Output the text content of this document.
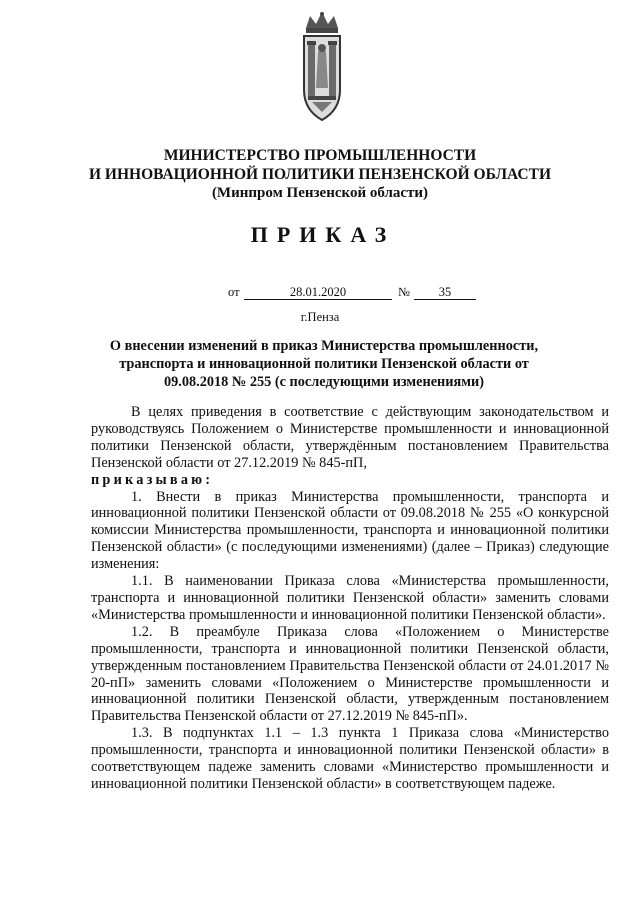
МИНИСТЕРСТВО ПРОМЫШЛЕННОСТИ
И ИННОВАЦИОННОЙ ПОЛИТИКИ ПЕНЗЕНСКОЙ ОБЛАСТИ
(Минпром Пензенской области)
ПРИКАЗ
от	28.01.2020	№	35
г.Пенза
О внесении изменений в приказ Министерства промышленности, транспорта и инновационной политики Пензенской области от 09.08.2018 № 255 (с последующими изменениями)

В целях приведения в соответствие с действующим законодательством и руководствуясь Положением о Министерстве промышленности и инновационной политики Пензенской области, утверждённым постановлением Правительства Пензенской области от 27.12.2019 № 845-пП,

приказываю:

1. Внести в приказ Министерства промышленности, транспорта и инновационной политики Пензенской области от 09.08.2018 № 255 «О конкурсной комиссии Министерства промышленности, транспорта и инновационной политики Пензенской области» (с последующими изменениями) (далее – Приказ) следующие изменения:

1.1. В наименовании Приказа слова «Министерства промышленности, транспорта и инновационной политики Пензенской области» заменить словами «Министерства промышленности и инновационной политики Пензенской области».

1.2. В преамбуле Приказа слова «Положением о Министерстве промышленности, транспорта и инновационной политики Пензенской области, утвержденным постановлением Правительства Пензенской области от 24.01.2017 № 20-пП» заменить словами «Положением о Министерстве промышленности и инновационной политики Пензенской области, утвержденным постановлением Правительства Пензенской области от 27.12.2019 № 845-пП».

1.3. В подпунктах 1.1 – 1.3 пункта 1 Приказа слова «Министерство промышленности, транспорта и инновационной политики Пензенской области» в соответствующем падеже заменить словами «Министерство промышленности и инновационной политики Пензенской области» в соответствующем падеже.
